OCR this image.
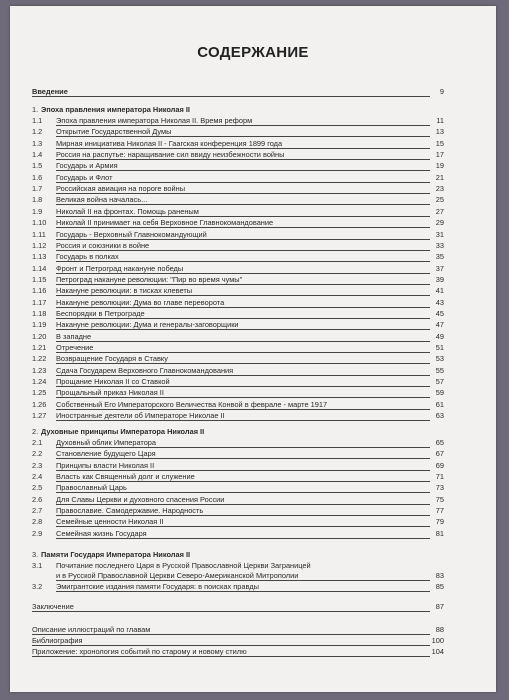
СОДЕРЖАНИЕ
Введение	9
1. Эпоха правления императора Николая II
1.1	Эпоха правления императора Николая II. Время реформ	11
1.2	Открытие Государственной Думы	13
1.3	Мирная инициатива Николая II - Гаагская конференция 1899 года	15
1.4	Россия на распутье: наращивание сил ввиду неизбежности войны	17
1.5	Государь и Армия	19
1.6	Государь и Флот	21
1.7	Российская авиация на пороге войны	23
1.8	Великая война началась...	25
1.9	Николай II на фронтах. Помощь раненым	27
1.10	Николай II принимает на себя Верховное Главнокомандование	29
1.11	Государь - Верховный Главнокомандующий	31
1.12	Россия и союзники в войне	33
1.13	Государь в полках	35
1.14	Фронт и Петроград накануне победы	37
1.15	Петроград накануне революции: "Пир во время чумы"	39
1.16	Накануне революции: в тисках клеветы	41
1.17	Накануне революции: Дума во главе переворота	43
1.18	Беспорядки в Петрограде	45
1.19	Накануне революции: Дума и генералы-заговорщики	47
1.20	В западне	49
1.21	Отречение	51
1.22	Возвращение Государя в Ставку	53
1.23	Сдача Государем Верховного Главнокомандования	55
1.24	Прощание Николая II со Ставкой	57
1.25	Прощальный приказ Николая II	59
1.26	Собственный Его Императорского Величества Конвой в феврале - марте 1917	61
1.27	Иностранные деятели об Императоре Николае II	63
2. Духовные принципы Императора Николая II
2.1	Духовный облик Императора	65
2.2	Становление будущего Царя	67
2.3	Принципы власти Николая II	69
2.4	Власть как Священный долг и служение	71
2.5	Православный Царь	73
2.6	Для Славы Церкви и духовного спасения России	75
2.7	Православие. Самодержавие. Народность	77
2.8	Семейные ценности Николая II	79
2.9	Семейная жизнь Государя	81
3. Памяти Государя Императора Николая II
3.1	Почитание последнего Царя в Русской Православной Церкви Заграницей
и в Русской Православной Церкви Северо-Американской Митрополии	83
3.2	Эмигрантские издания памяти Государя: в поисках правды	85
Заключение	87
Описание иллюстраций по главам	88
Библиография	100
Приложение: хронология событий по старому и новому стилю	104
